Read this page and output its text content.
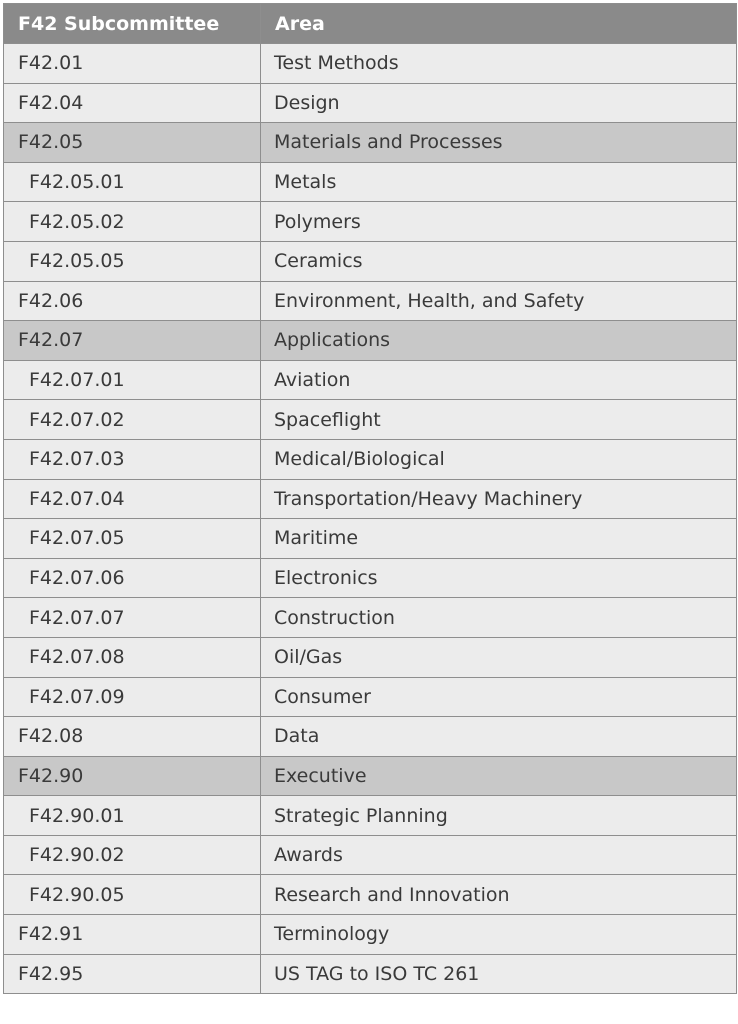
F42 Subcommittee	Area
F42.01	Test Methods
F42.04	Design
F42.05	Materials and Processes
F42.05.01	Metals
F42.05.02	Polymers
F42.05.05	Ceramics
F42.06	Environment, Health, and Safety
F42.07	Applications
F42.07.01	Aviation
F42.07.02	Spaceflight
F42.07.03	Medical/Biological
F42.07.04	Transportation/Heavy Machinery
F42.07.05	Maritime
F42.07.06	Electronics
F42.07.07	Construction
F42.07.08	Oil/Gas
F42.07.09	Consumer
F42.08	Data
F42.90	Executive
F42.90.01	Strategic Planning
F42.90.02	Awards
F42.90.05	Research and Innovation
F42.91	Terminology
F42.95	US TAG to ISO TC 261
